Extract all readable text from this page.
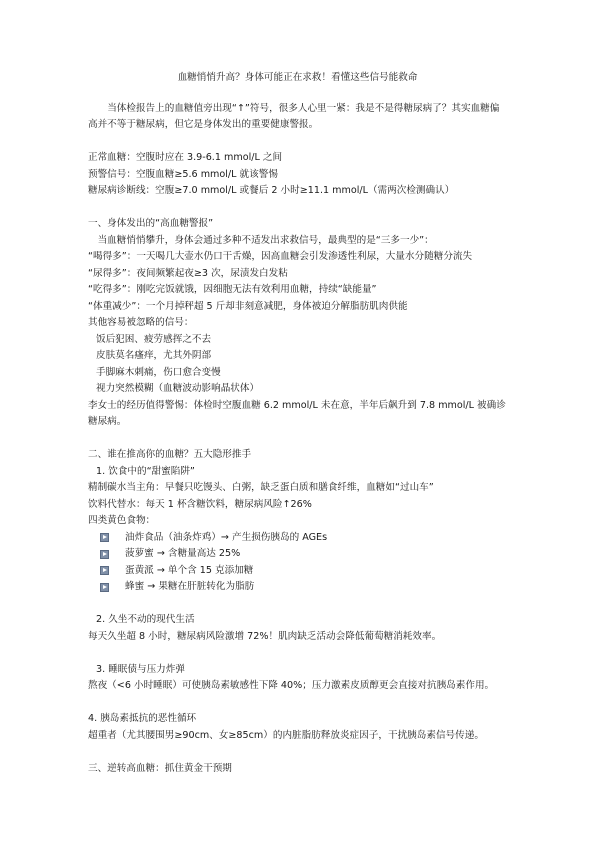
血糖悄悄升高？身体可能正在求救！看懂这些信号能救命

当体检报告上的血糖值旁出现“↑”符号，很多人心里一紧：我是不是得糖尿病了？其实血糖偏高并不等于糖尿病，但它是身体发出的重要健康警报。

正常血糖：空腹时应在 3.9-6.1 mmol/L 之间

预警信号：空腹血糖≥5.6 mmol/L 就该警惕

糖尿病诊断线：空腹≥7.0 mmol/L 或餐后 2 小时≥11.1 mmol/L（需两次检测确认）

一、身体发出的“高血糖警报”

当血糖悄悄攀升，身体会通过多种不适发出求救信号，最典型的是“三多一少”：

“喝得多”：一天喝几大壶水仍口干舌燥，因高血糖会引发渗透性利尿，大量水分随糖分流失

“尿得多”：夜间频繁起夜≥3 次，尿渍发白发粘

“吃得多”：刚吃完饭就饿，因细胞无法有效利用血糖，持续“缺能量”

“体重减少”：一个月掉秤超 5 斤却非刻意减肥，身体被迫分解脂肪肌肉供能

其他容易被忽略的信号：

饭后犯困、疲劳感挥之不去

皮肤莫名瘙痒，尤其外阴部

手脚麻木刺痛，伤口愈合变慢

视力突然模糊（血糖波动影响晶状体）

李女士的经历值得警惕：体检时空腹血糖 6.2 mmol/L 未在意，半年后飙升到 7.8 mmol/L 被确诊糖尿病。

二、谁在推高你的血糖？五大隐形推手

1. 饮食中的“甜蜜陷阱”

精制碳水当主角：早餐只吃馒头、白粥，缺乏蛋白质和膳食纤维，血糖如“过山车”

饮料代替水：每天 1 杯含糖饮料，糖尿病风险↑26%

四类黄色食物：

油炸食品（油条炸鸡）→ 产生损伤胰岛的 AGEs
菠萝蜜 → 含糖量高达 25%
蛋黄派 → 单个含 15 克添加糖
蜂蜜 → 果糖在肝脏转化为脂肪

2. 久坐不动的现代生活

每天久坐超 8 小时，糖尿病风险激增 72%！肌肉缺乏活动会降低葡萄糖消耗效率。

3. 睡眠债与压力炸弹

熬夜（<6 小时睡眠）可使胰岛素敏感性下降 40%；压力激素皮质醇更会直接对抗胰岛素作用。

4. 胰岛素抵抗的恶性循环

超重者（尤其腰围男≥90cm、女≥85cm）的内脏脂肪释放炎症因子，干扰胰岛素信号传递。

三、逆转高血糖：抓住黄金干预期
